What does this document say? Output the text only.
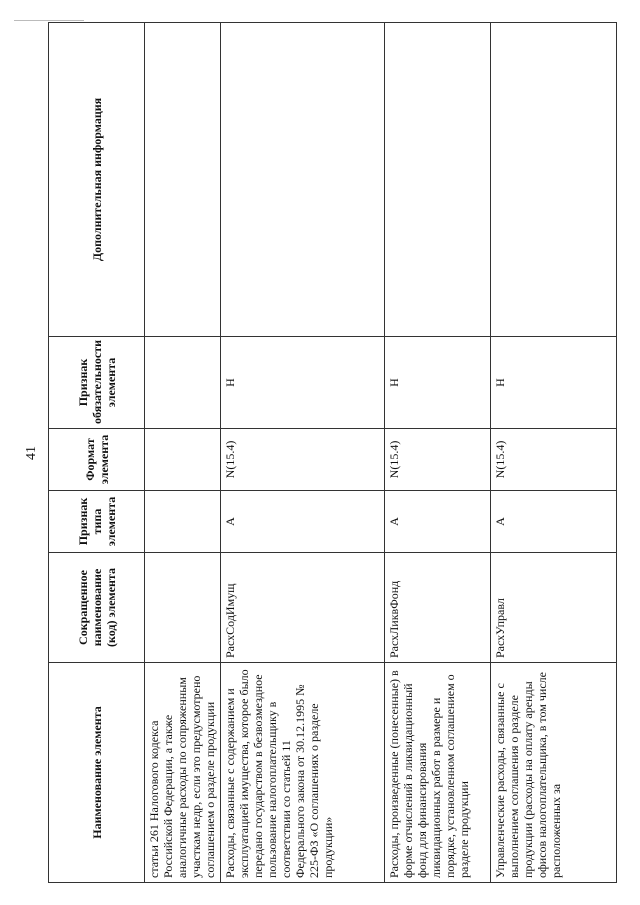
41
Наименование элемента	Сокращенное наименование (код) элемента	Признак типа элемента	Формат элемента	Признак обязательности элемента	Дополнительная информация
статьи 261 Налогового кодекса Российской Федерации, а также аналогичные расходы по сопряженным участкам недр, если это предусмотрено соглашением о разделе продукции					
Расходы, связанные с содержанием и эксплуатацией имущества, которое было передано государством в безвозмездное пользование налогоплательщику в соответствии со статьей 11 Федерального закона от 30.12.1995 № 225-ФЗ «О соглашениях о разделе продукции»	РасхСодИмущ	А	N(15.4)	Н	
Расходы, произведенные (понесенные) в форме отчислений в ликвидационный фонд для финансирования ликвидационных работ в размере и порядке, установленном соглашением о разделе продукции	РасхЛиквФонд	А	N(15.4)	Н	
Управленческие расходы, связанные с выполнением соглашения о разделе продукции (расходы на оплату аренды офисов налогоплательщика, в том числе расположенных за	РасхУправл	А	N(15.4)	Н	
